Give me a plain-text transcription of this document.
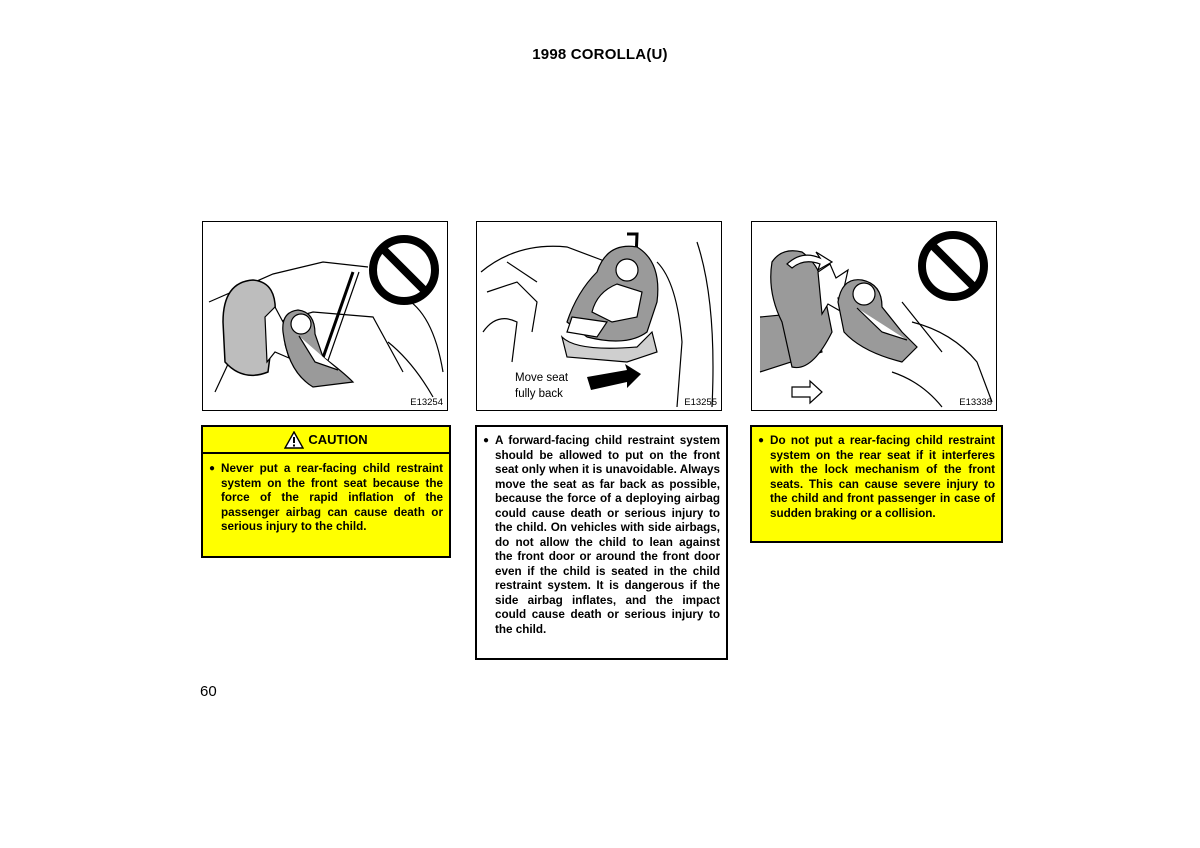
1998 COROLLA(U)
E13254
Move seat
fully back
E13255	E13338
CAUTION
● Never put a rear-facing child restraint system on the front seat because the force of the rapid inflation of the passenger airbag can cause death or serious injury to the child.
● A forward-facing child restraint system should be allowed to put on the front seat only when it is unavoidable. Always move the seat as far back as possible, because the force of a deploying airbag could cause death or serious injury to the child. On vehicles with side airbags, do not allow the child to lean against the front door or around the front door even if the child is seated in the child restraint system. It is dangerous if the side airbag inflates, and the impact could cause death or serious injury to the child.
● Do not put a rear-facing child restraint system on the rear seat if it interferes with the lock mechanism of the front seats. This can cause severe injury to the child and front passenger in case of sudden braking or a collision.
60
